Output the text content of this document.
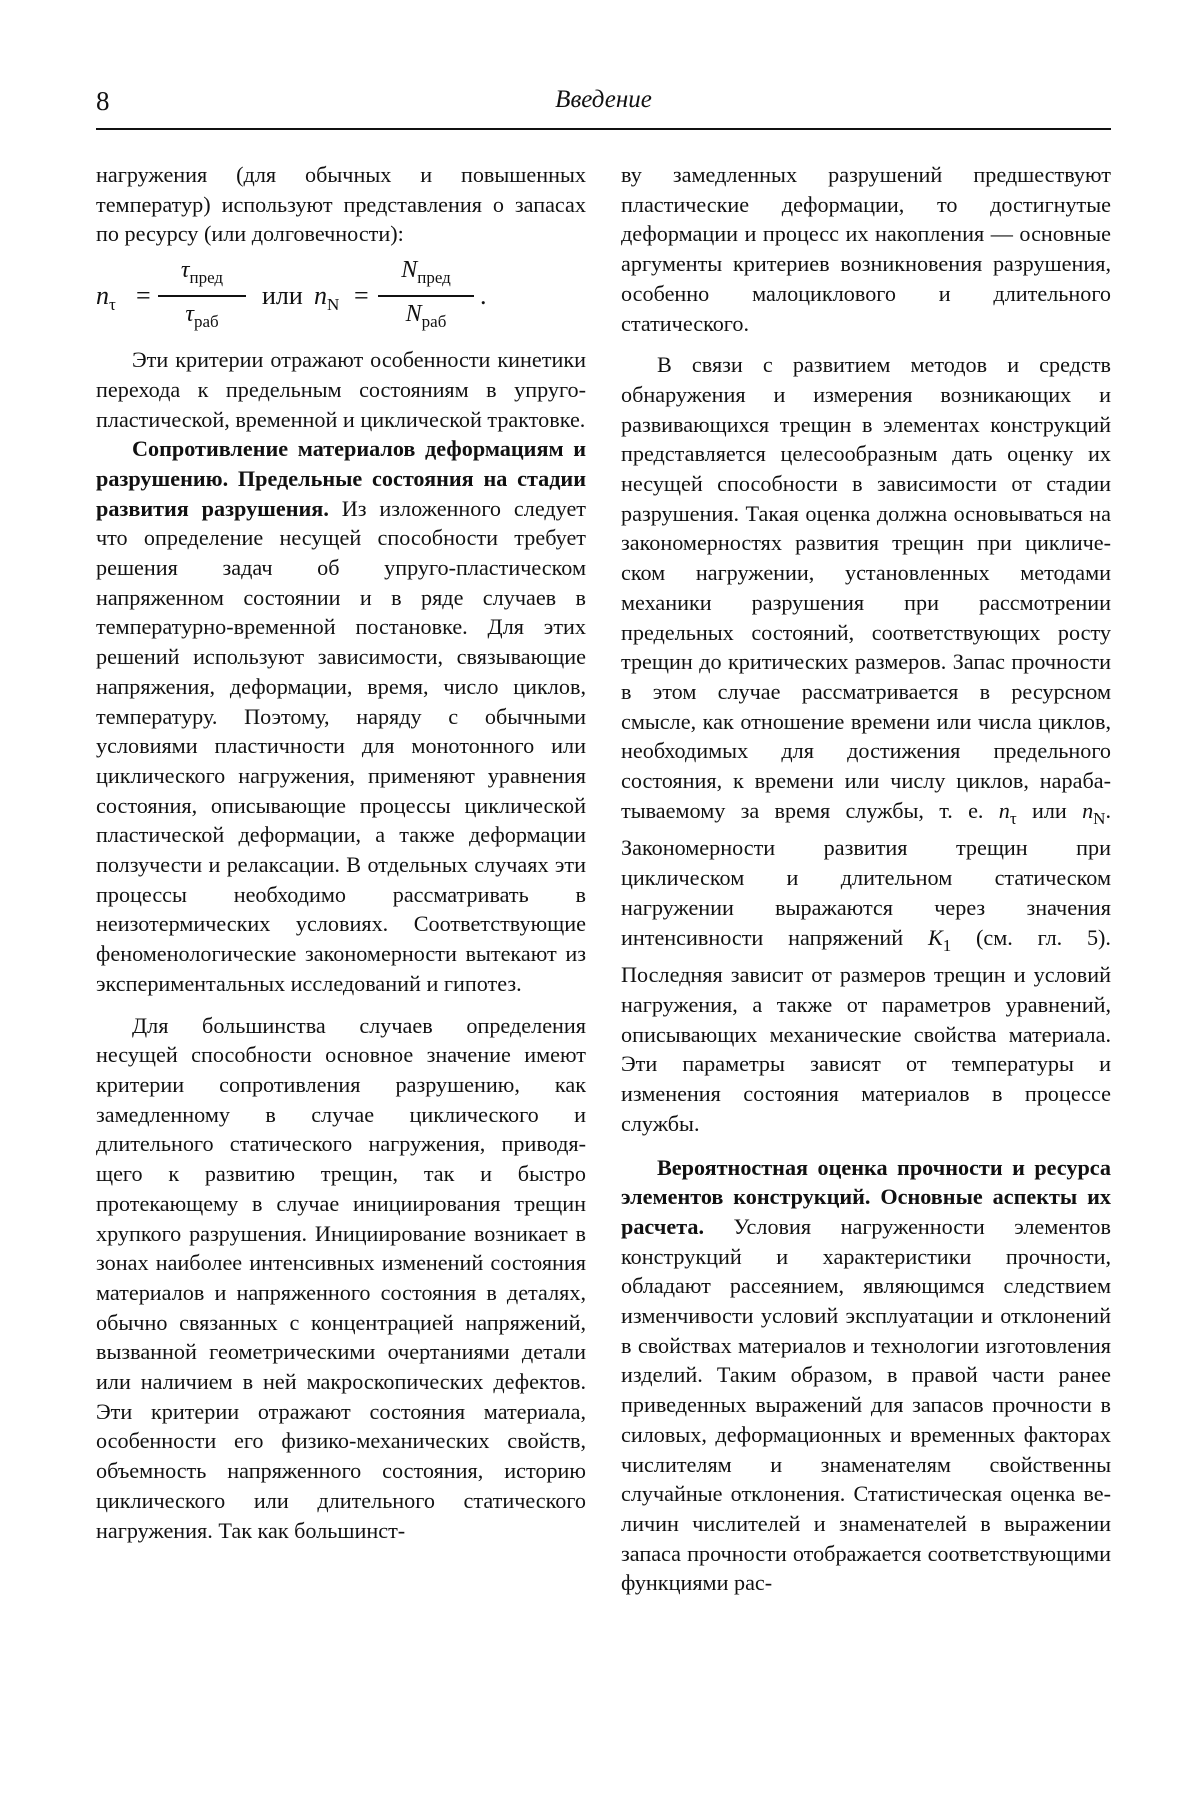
8	Введение

нагружения (для обычных и повышенных температур) используют представления о запасах по ресурсу (или долговечности):

$n_\tau$ =
$\tau_{пред}$
$\tau_{раб}$
или $n_N$ =
$N_{пред}$
$N_{раб}$
.

Эти критерии отражают особенности кинетики перехода к предельным состояниям в упруго-пластической, временной и циклической трактовке.

Сопротивление материалов деформациям и разрушению. Предельные состояния на стадии развития разрушения. Из изложенного следует что определение несущей способности требует решения задач об упруго-пластическом напряженном состоянии и в ряде случаев в температурно-временной постановке. Для этих решений используют зависимости, связывающие напряжения, деформации, время, число циклов, температуру. Поэтому, наряду с обычными условиями пластичности для монотонного или циклического нагружения, применяют уравнения состояния, описывающие процессы циклической пластической деформации, а также деформации ползучести и релаксации. В отдельных случаях эти процессы необходимо рассматривать в неизотермических условиях. Соответствующие феноменологические закономерности вытекают из экспериментальных исследований и гипотез.

Для большинства случаев определения несущей способности основное значение имеют критерии сопротивления разрушению, как замедленному в случае циклического и длительного статического нагружения, приводящего к развитию трещин, так и быстро протекающему в случае инициирования трещин хрупкого разрушения. Инициирование возникает в зонах наиболее интенсивных изменений состояния материалов и напряженного состояния в деталях, обычно связанных с концентрацией напряжений, вызванной геометрическими очертаниями детали или наличием в ней макроскопических дефектов. Эти критерии отражают состояния материала, особенности его физико-механических свойств, объемность напряженного состояния, историю циклического или длительного статического нагружения. Так как большинст-

ву замедленных разрушений предшествуют пластические деформации, то достигнутые деформации и процесс их накопления — основные аргументы критериев возникновения разрушения, особенно малоциклового и длительного статического.

В связи с развитием методов и средств обнаружения и измерения возникающих и развивающихся трещин в элементах конструкций представляется целесообразным дать оценку их несущей способности в зависимости от стадии разрушения. Такая оценка должна основываться на закономерностях развития трещин при циклическом нагружении, установленных методами механики разрушения при рассмотрении предельных состояний, соответствующих росту трещин до критических размеров. Запас прочности в этом случае рассматривается в ресурсном смысле, как отношение времени или числа циклов, необходимых для достижения предельного состояния, к времени или числу циклов, нарабатываемому за время службы, т. е. $n_\tau$ или $n_N$. Закономерности развития трещин при циклическом и длительном статическом нагружении выражаются через значения интенсивности напряжений $K_1$ (см. гл. 5). Последняя зависит от размеров трещин и условий нагружения, а также от параметров уравнений, описывающих механические свойства материала. Эти параметры зависят от температуры и изменения состояния материалов в процессе службы.

Вероятностная оценка прочности и ресурса элементов конструкций. Основные аспекты их расчета. Условия нагруженности элементов конструкций и характеристики прочности, обладают рассеянием, являющимся следствием изменчивости условий эксплуатации и отклонений в свойствах материалов и технологии изготовления изделий. Таким образом, в правой части ранее приведенных выражений для запасов прочности в силовых, деформационных и временных факторах числителям и знаменателям свойственны случайные отклонения. Статистическая оценка величин числителей и знаменателей в выражении запаса прочности отображается соответствующими функциями рас-
